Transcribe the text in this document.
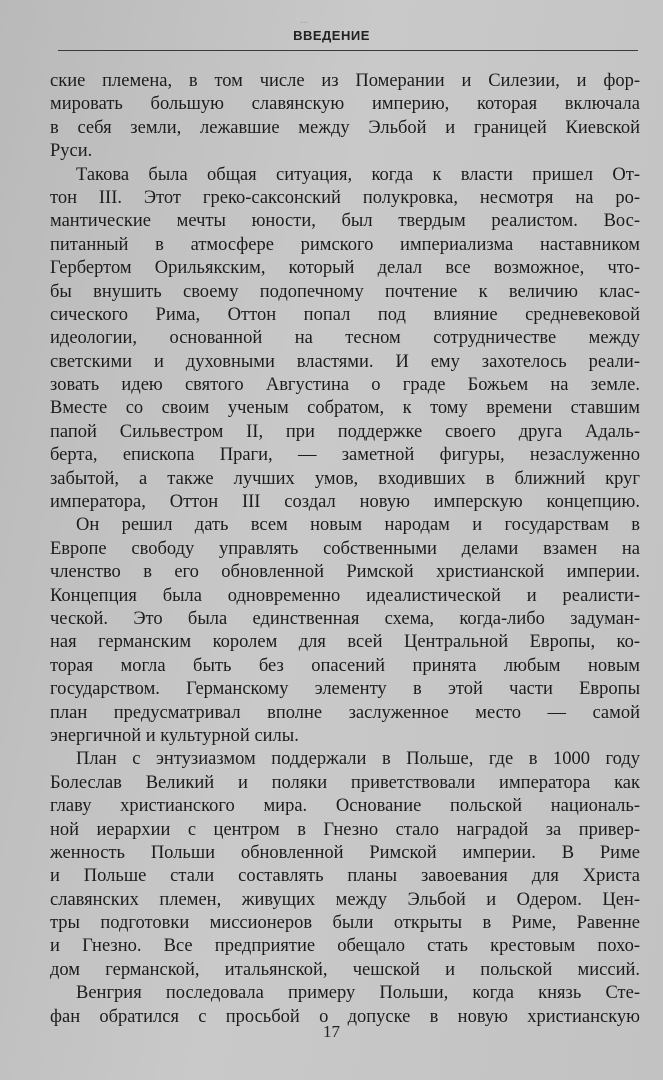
...
ВВЕДЕНИЕ
ские племена, в том числе из Померании и Силезии, и фор-
мировать большую славянскую империю, которая включала
в себя земли, лежавшие между Эльбой и границей Киевской
Руси.
Такова была общая ситуация, когда к власти пришел От-
тон III. Этот греко-саксонский полукровка, несмотря на ро-
мантические мечты юности, был твердым реалистом. Вос-
питанный в атмосфере римского империализма наставником
Гербертом Орильякским, который делал все возможное, что-
бы внушить своему подопечному почтение к величию клас-
сического Рима, Оттон попал под влияние средневековой
идеологии, основанной на тесном сотрудничестве между
светскими и духовными властями. И ему захотелось реали-
зовать идею святого Августина о граде Божьем на земле.
Вместе со своим ученым собратом, к тому времени ставшим
папой Сильвестром II, при поддержке своего друга Адаль-
берта, епископа Праги, — заметной фигуры, незаслуженно
забытой, а также лучших умов, входивших в ближний круг
императора, Оттон III создал новую имперскую концепцию.
Он решил дать всем новым народам и государствам в
Европе свободу управлять собственными делами взамен на
членство в его обновленной Римской христианской империи.
Концепция была одновременно идеалистической и реалисти-
ческой. Это была единственная схема, когда-либо задуман-
ная германским королем для всей Центральной Европы, ко-
торая могла быть без опасений принята любым новым
государством. Германскому элементу в этой части Европы
план предусматривал вполне заслуженное место — самой
энергичной и культурной силы.
План с энтузиазмом поддержали в Польше, где в 1000 году
Болеслав Великий и поляки приветствовали императора как
главу христианского мира. Основание польской националь-
ной иерархии с центром в Гнезно стало наградой за привер-
женность Польши обновленной Римской империи. В Риме
и Польше стали составлять планы завоевания для Христа
славянских племен, живущих между Эльбой и Одером. Цен-
тры подготовки миссионеров были открыты в Риме, Равенне
и Гнезно. Все предприятие обещало стать крестовым похо-
дом германской, итальянской, чешской и польской миссий.
Венгрия последовала примеру Польши, когда князь Сте-
фан обратился с просьбой о допуске в новую христианскую
17
